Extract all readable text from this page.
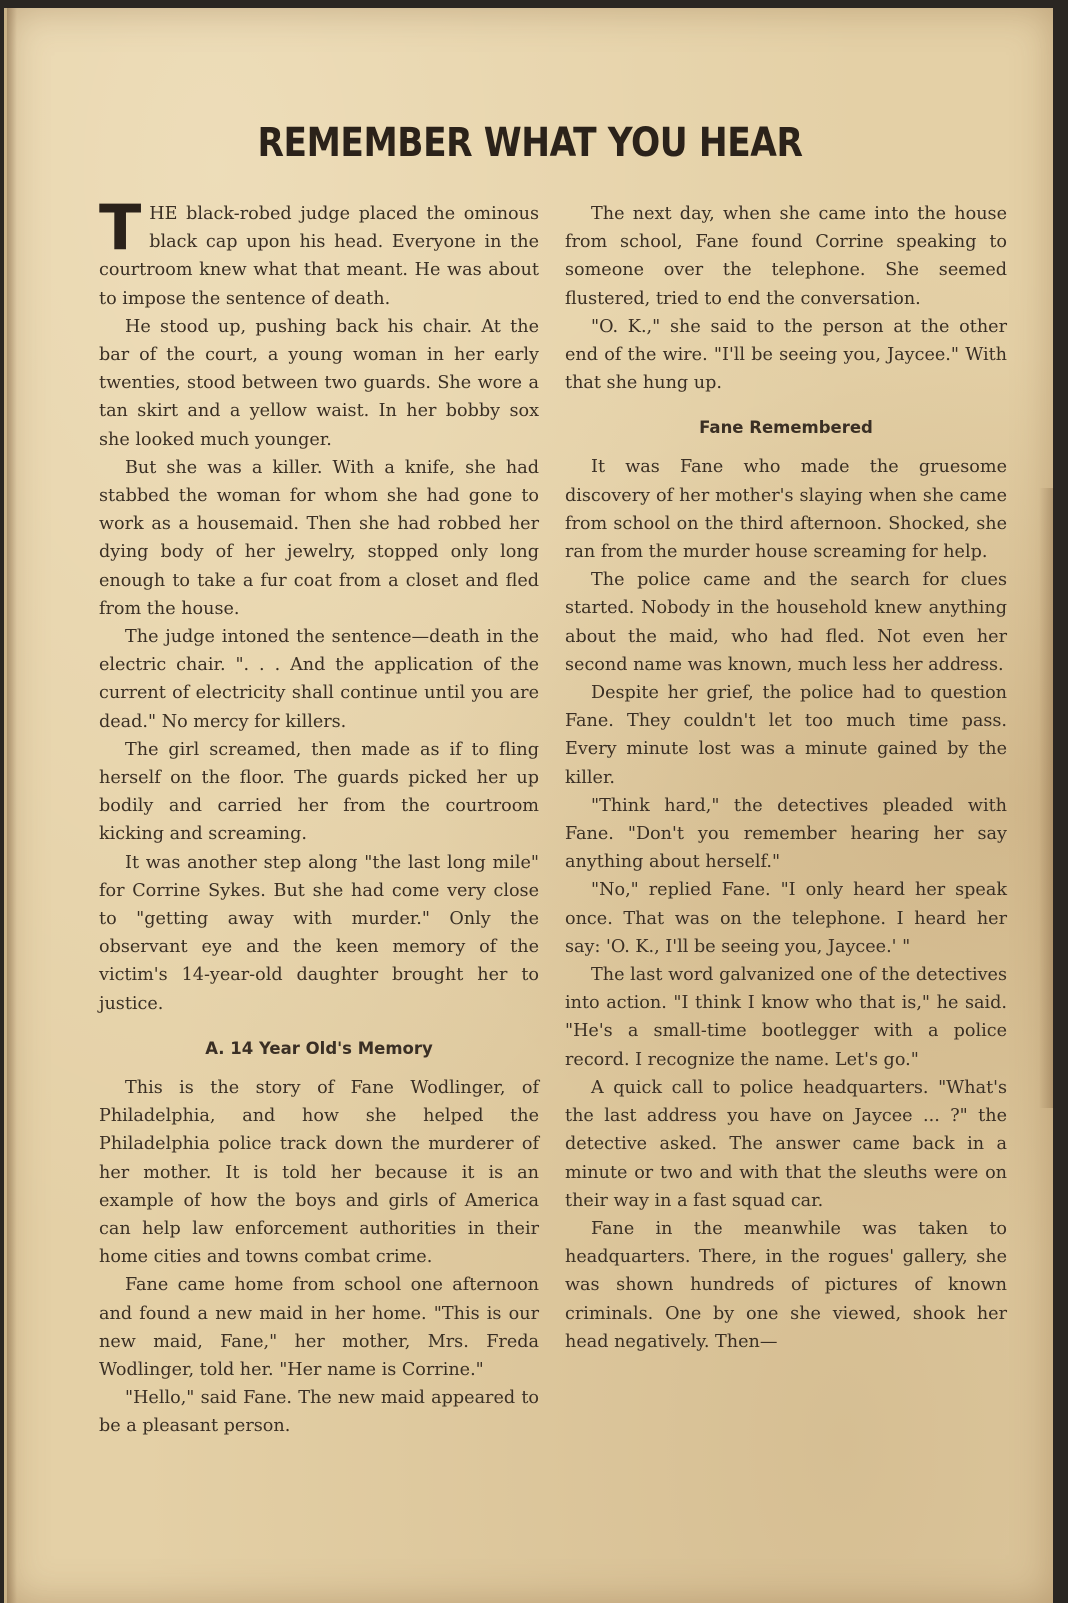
REMEMBER WHAT YOU HEAR

THE black-robed judge placed the ominous black cap upon his head. Everyone in the courtroom knew what that meant. He was about to impose the sentence of death.

He stood up, pushing back his chair. At the bar of the court, a young woman in her early twenties, stood between two guards. She wore a tan skirt and a yellow waist. In her bobby sox she looked much younger.

But she was a killer. With a knife, she had stabbed the woman for whom she had gone to work as a housemaid. Then she had robbed her dying body of her jewelry, stopped only long enough to take a fur coat from a closet and fled from the house.

The judge intoned the sentence—death in the electric chair. ". . . And the application of the current of electricity shall continue until you are dead." No mercy for killers.

The girl screamed, then made as if to fling herself on the floor. The guards picked her up bodily and carried her from the courtroom kicking and screaming.

It was another step along "the last long mile" for Corrine Sykes. But she had come very close to "getting away with murder." Only the observant eye and the keen memory of the victim's 14-year-old daughter brought her to justice.

A. 14 Year Old's Memory

This is the story of Fane Wodlinger, of Philadelphia, and how she helped the Philadelphia police track down the murderer of her mother. It is told her because it is an example of how the boys and girls of America can help law enforcement authorities in their home cities and towns combat crime.

Fane came home from school one afternoon and found a new maid in her home. "This is our new maid, Fane," her mother, Mrs. Freda Wodlinger, told her. "Her name is Corrine."

"Hello," said Fane. The new maid appeared to be a pleasant person.

The next day, when she came into the house from school, Fane found Corrine speaking to someone over the telephone. She seemed flustered, tried to end the conversation.

"O. K.," she said to the person at the other end of the wire. "I'll be seeing you, Jaycee." With that she hung up.

Fane Remembered

It was Fane who made the gruesome discovery of her mother's slaying when she came from school on the third afternoon. Shocked, she ran from the murder house screaming for help.

The police came and the search for clues started. Nobody in the household knew anything about the maid, who had fled. Not even her second name was known, much less her address.

Despite her grief, the police had to question Fane. They couldn't let too much time pass. Every minute lost was a minute gained by the killer.

"Think hard," the detectives pleaded with Fane. "Don't you remember hearing her say anything about herself."

"No," replied Fane. "I only heard her speak once. That was on the telephone. I heard her say: 'O. K., I'll be seeing you, Jaycee.' "

The last word galvanized one of the detectives into action. "I think I know who that is," he said. "He's a small-time bootlegger with a police record. I recognize the name. Let's go."

A quick call to police headquarters. "What's the last address you have on Jaycee ... ?" the detective asked. The answer came back in a minute or two and with that the sleuths were on their way in a fast squad car.

Fane in the meanwhile was taken to headquarters. There, in the rogues' gallery, she was shown hundreds of pictures of known criminals. One by one she viewed, shook her head negatively. Then—
